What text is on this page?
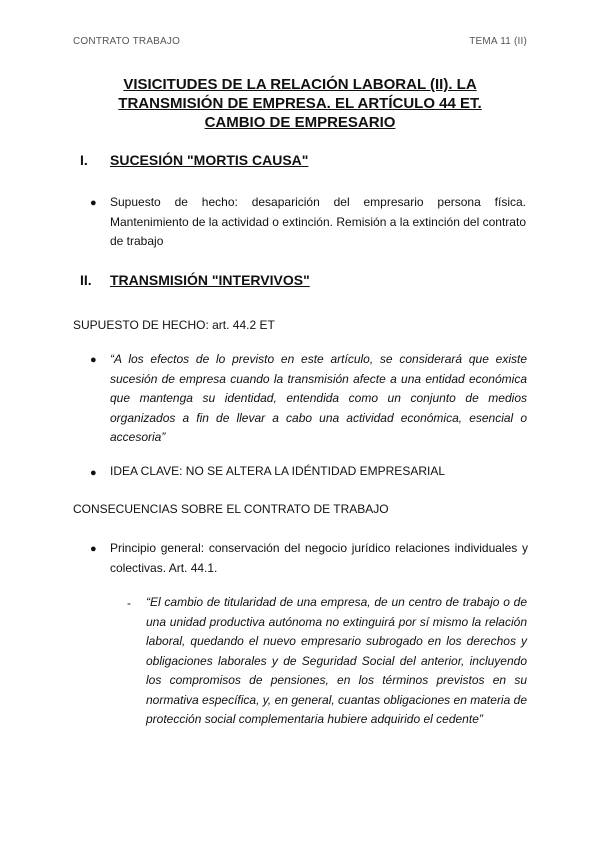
CONTRATO TRABAJO	TEMA 11 (II)
VISICITUDES DE LA RELACIÓN LABORAL (II). LA TRANSMISIÓN DE EMPRESA. EL ARTÍCULO 44 ET. CAMBIO DE EMPRESARIO
I. SUCESIÓN "MORTIS CAUSA"
● Supuesto de hecho: desaparición del empresario persona física. Mantenimiento de la actividad o extinción. Remisión a la extinción del contrato de trabajo
II. TRANSMISIÓN "INTERVIVOS"
SUPUESTO DE HECHO: art. 44.2 ET
● “A los efectos de lo previsto en este artículo, se considerará que existe sucesión de empresa cuando la transmisión afecte a una entidad económica que mantenga su identidad, entendida como un conjunto de medios organizados a fin de llevar a cabo una actividad económica, esencial o accesoria”
● IDEA CLAVE: NO SE ALTERA LA IDÉNTIDAD EMPRESARIAL
CONSECUENCIAS SOBRE EL CONTRATO DE TRABAJO
● Principio general: conservación del negocio jurídico relaciones individuales y colectivas. Art. 44.1.
- “El cambio de titularidad de una empresa, de un centro de trabajo o de una unidad productiva autónoma no extinguirá por sí mismo la relación laboral, quedando el nuevo empresario subrogado en los derechos y obligaciones laborales y de Seguridad Social del anterior, incluyendo los compromisos de pensiones, en los términos previstos en su normativa específica, y, en general, cuantas obligaciones en materia de protección social complementaria hubiere adquirido el cedente”
